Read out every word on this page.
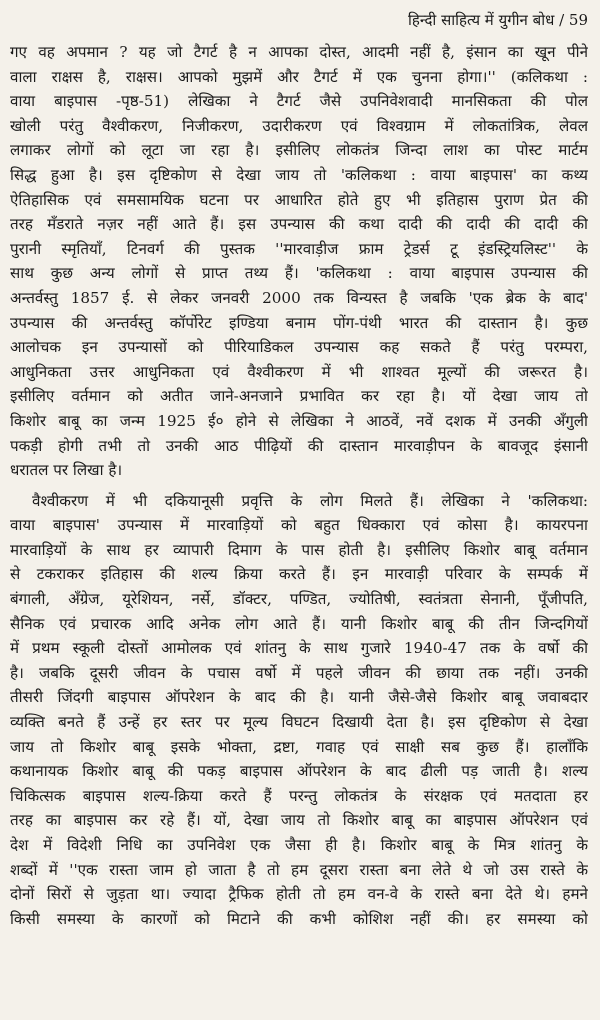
हिन्दी साहित्य में युगीन बोध / 59
गए वह अपमान ? यह जो टैगर्ट है न आपका दोस्त, आदमी नहीं है, इंसान का खून पीने
वाला राक्षस है, राक्षस। आपको मुझमें और टैगर्ट में एक चुनना होगा।'' (कलिकथा :
वाया बाइपास -पृष्ठ-51) लेखिका ने टैगर्ट जैसे उपनिवेशवादी मानसिकता की पोल
खोली परंतु वैश्वीकरण, निजीकरण, उदारीकरण एवं विश्वग्राम में लोकतांत्रिक, लेवल
लगाकर लोगों को लूटा जा रहा है। इसीलिए लोकतंत्र जिन्दा लाश का पोस्ट मार्टम
सिद्ध हुआ है। इस दृष्टिकोण से देखा जाय तो 'कलिकथा : वाया बाइपास' का कथ्य
ऐतिहासिक एवं समसामयिक घटना पर आधारित होते हुए भी इतिहास पुराण प्रेत की
तरह मँडराते नज़र नहीं आते हैं। इस उपन्यास की कथा दादी की दादी की दादी की
पुरानी स्मृतियाँ, टिनवर्ग की पुस्तक ''मारवाड़ीज फ्राम ट्रेडर्स टू इंडस्ट्रियलिस्ट'' के
साथ कुछ अन्य लोगों से प्राप्त तथ्य हैं। 'कलिकथा : वाया बाइपास उपन्यास की
अन्तर्वस्तु 1857 ई. से लेकर जनवरी 2000 तक विन्यस्त है जबकि 'एक ब्रेक के बाद'
उपन्यास की अन्तर्वस्तु कॉर्पोरेट इण्डिया बनाम पोंग-पंथी भारत की दास्तान है। कुछ
आलोचक इन उपन्यासों को पीरियाडिकल उपन्यास कह सकते हैं परंतु परम्परा,
आधुनिकता उत्तर आधुनिकता एवं वैश्वीकरण में भी शाश्वत मूल्यों की जरूरत है।
इसीलिए वर्तमान को अतीत जाने-अनजाने प्रभावित कर रहा है। यों देखा जाय तो
किशोर बाबू का जन्म 1925 ई० होने से लेखिका ने आठवें, नवें दशक में उनकी अँगुली
पकड़ी होगी तभी तो उनकी आठ पीढ़ियों की दास्तान मारवाड़ीपन के बावजूद इंसानी
धरातल पर लिखा है।
वैश्वीकरण में भी दकियानूसी प्रवृत्ति के लोग मिलते हैं। लेखिका ने 'कलिकथा:
वाया बाइपास' उपन्यास में मारवाड़ियों को बहुत धिक्कारा एवं कोसा है। कायरपना
मारवाड़ियों के साथ हर व्यापारी दिमाग के पास होती है। इसीलिए किशोर बाबू वर्तमान
से टकराकर इतिहास की शल्य क्रिया करते हैं। इन मारवाड़ी परिवार के सम्पर्क में
बंगाली, अँग्रेज, यूरेशियन, नर्से, डॉक्टर, पण्डित, ज्योतिषी, स्वतंत्रता सेनानी, पूँजीपति,
सैनिक एवं प्रचारक आदि अनेक लोग आते हैं। यानी किशोर बाबू की तीन जिन्दगियों
में प्रथम स्कूली दोस्तों आमोलक एवं शांतनु के साथ गुजारे 1940-47 तक के वर्षो की
है। जबकि दूसरी जीवन के पचास वर्षो में पहले जीवन की छाया तक नहीं। उनकी
तीसरी जिंदगी बाइपास ऑपरेशन के बाद की है। यानी जैसे-जैसे किशोर बाबू जवाबदार
व्यक्ति बनते हैं उन्हें हर स्तर पर मूल्य विघटन दिखायी देता है। इस दृष्टिकोण से देखा
जाय तो किशोर बाबू इसके भोक्ता, द्रष्टा, गवाह एवं साक्षी सब कुछ हैं। हालाँकि
कथानायक किशोर बाबू की पकड़ बाइपास ऑपरेशन के बाद ढीली पड़ जाती है। शल्य
चिकित्सक बाइपास शल्य-क्रिया करते हैं परन्तु लोकतंत्र के संरक्षक एवं मतदाता हर
तरह का बाइपास कर रहे हैं। यों, देखा जाय तो किशोर बाबू का बाइपास ऑपरेशन एवं
देश में विदेशी निधि का उपनिवेश एक जैसा ही है। किशोर बाबू के मित्र शांतनु के
शब्दों में ''एक रास्ता जाम हो जाता है तो हम दूसरा रास्ता बना लेते थे जो उस रास्ते के
दोनों सिरों से जुड़ता था। ज्यादा ट्रैफिक होती तो हम वन-वे के रास्ते बना देते थे। हमने
किसी समस्या के कारणों को मिटाने की कभी कोशिश नहीं की। हर समस्या को
